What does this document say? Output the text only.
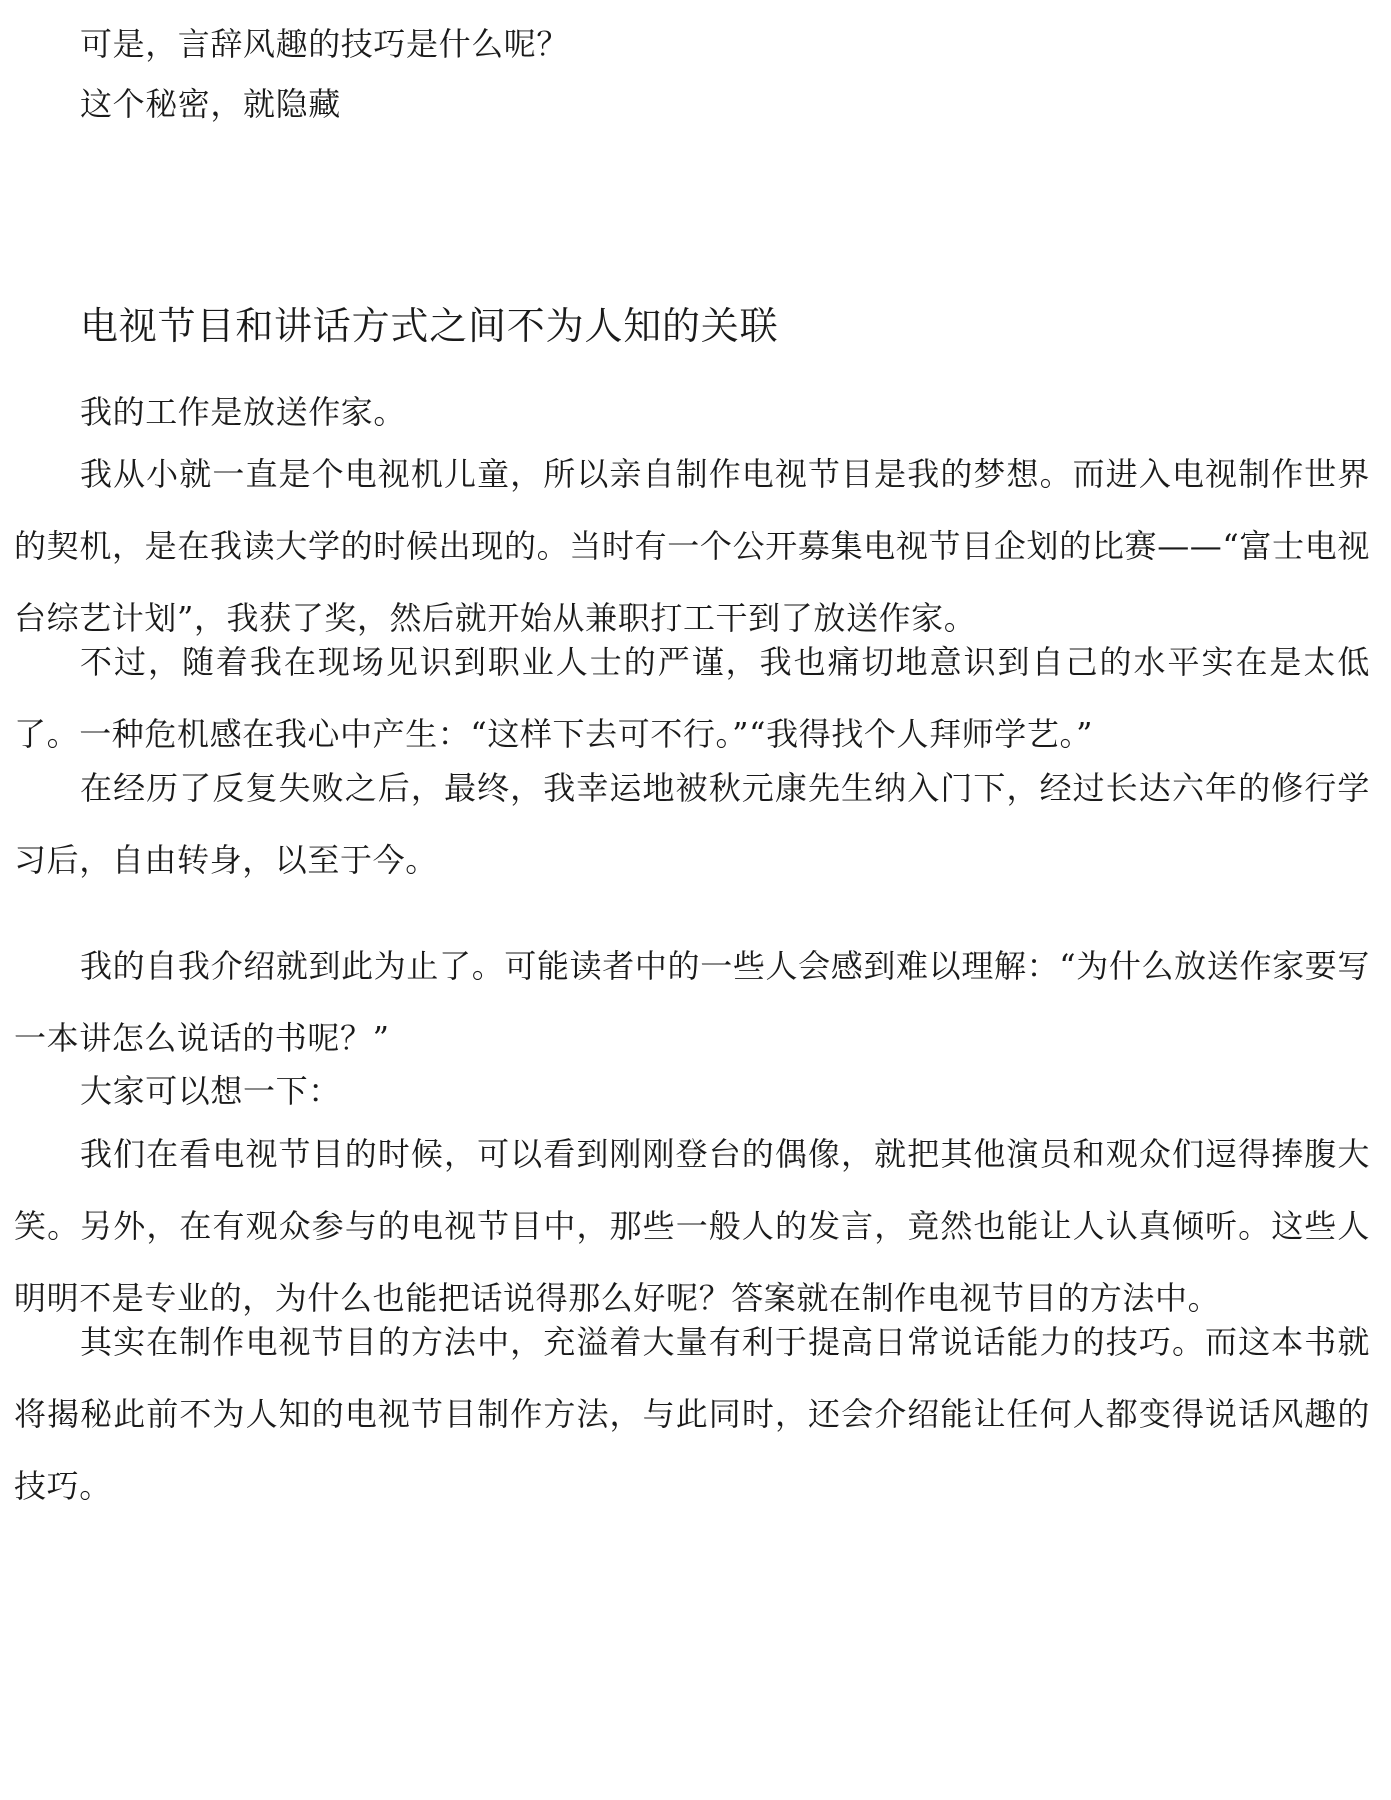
可是，言辞风趣的技巧是什么呢？

这个秘密，就隐藏

电视节目和讲话方式之间不为人知的关联

我的工作是放送作家。

我从小就一直是个电视机儿童，所以亲自制作电视节目是我的梦想。而进入电视制作世界的契机，是在我读大学的时候出现的。当时有一个公开募集电视节目企划的比赛——“富士电视台综艺计划”，我获了奖，然后就开始从兼职打工干到了放送作家。

不过，随着我在现场见识到职业人士的严谨，我也痛切地意识到自己的水平实在是太低了。一种危机感在我心中产生：“这样下去可不行。”“我得找个人拜师学艺。”

在经历了反复失败之后，最终，我幸运地被秋元康先生纳入门下，经过长达六年的修行学习后，自由转身，以至于今。

我的自我介绍就到此为止了。可能读者中的一些人会感到难以理解：“为什么放送作家要写一本讲怎么说话的书呢？”

大家可以想一下：

我们在看电视节目的时候，可以看到刚刚登台的偶像，就把其他演员和观众们逗得捧腹大笑。另外，在有观众参与的电视节目中，那些一般人的发言，竟然也能让人认真倾听。这些人明明不是专业的，为什么也能把话说得那么好呢？答案就在制作电视节目的方法中。

其实在制作电视节目的方法中，充溢着大量有利于提高日常说话能力的技巧。而这本书就将揭秘此前不为人知的电视节目制作方法，与此同时，还会介绍能让任何人都变得说话风趣的技巧。
